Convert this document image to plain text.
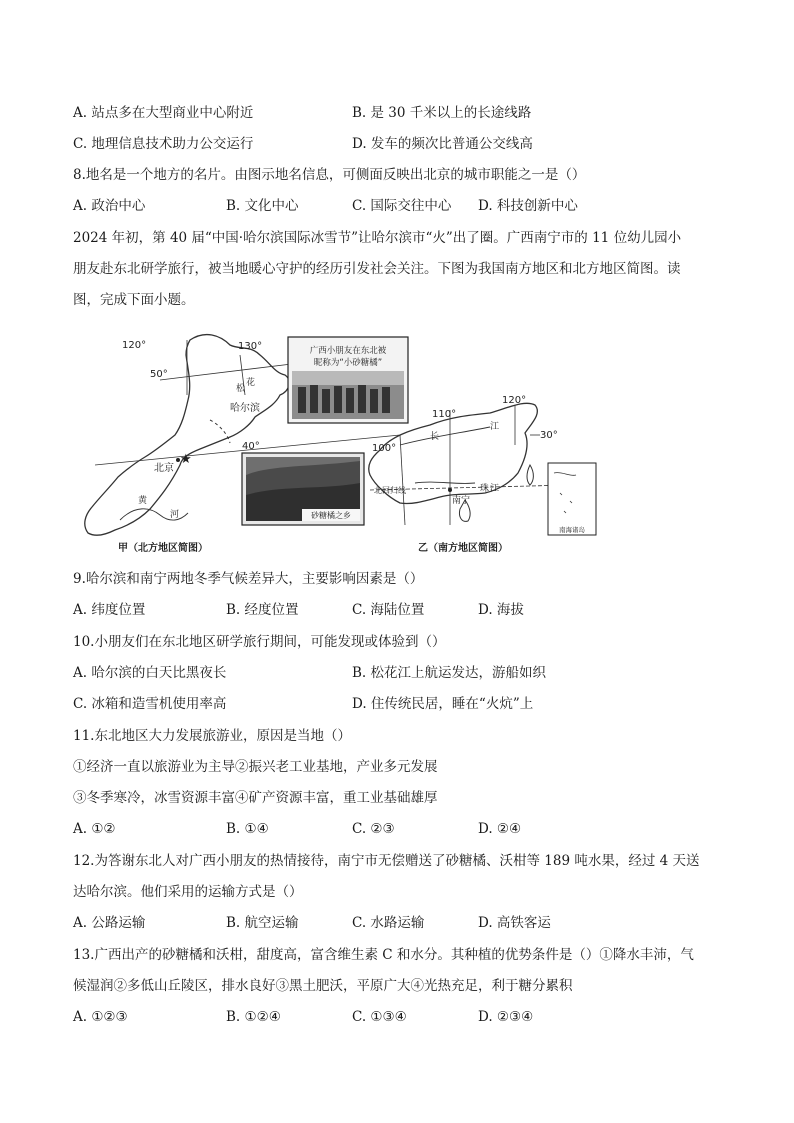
A. 站点多在大型商业中心附近	B. 是 30 千米以上的长途线路
C. 地理信息技术助力公交运行	D. 发车的频次比普通公交线高
8.地名是一个地方的名片。由图示地名信息，可侧面反映出北京的城市职能之一是（）
A. 政治中心	B. 文化中心	C. 国际交往中心 D. 科技创新中心
2024 年初，第 40 届“中国·哈尔滨国际冰雪节”让哈尔滨市“火”出了圈。广西南宁市的 11 位幼儿园小
朋友赴东北研学旅行，被当地暖心守护的经历引发社会关注。下图为我国南方地区和北方地区简图。读
图，完成下面小题。
★
120°	130°
50°
40°
哈尔滨
北京
松
花
黄
河
广西小朋友在东北被
昵称为“小砂糖橘”
砂糖橘之乡
110°
120°
30°
100°
南宁
北回归线	珠 江
长
江
南海诸岛
甲（北方地区简图）	乙（南方地区简图）
9.哈尔滨和南宁两地冬季气候差异大，主要影响因素是（）
A. 纬度位置	B. 经度位置	C. 海陆位置	D. 海拔
10.小朋友们在东北地区研学旅行期间，可能发现或体验到（）
A. 哈尔滨的白天比黑夜长	B. 松花江上航运发达，游船如织
C. 冰箱和造雪机使用率高	D. 住传统民居，睡在“火炕”上
11.东北地区大力发展旅游业，原因是当地（）
①经济一直以旅游业为主导②振兴老工业基地，产业多元发展
③冬季寒冷，冰雪资源丰富④矿产资源丰富，重工业基础雄厚
A. ①②	B. ①④	C. ②③	D. ②④
12.为答谢东北人对广西小朋友的热情接待，南宁市无偿赠送了砂糖橘、沃柑等 189 吨水果，经过 4 天送
达哈尔滨。他们采用的运输方式是（）
A. 公路运输	B. 航空运输	C. 水路运输	D. 高铁客运
13.广西出产的砂糖橘和沃柑，甜度高，富含维生素 C 和水分。其种植的优势条件是（）①降水丰沛，气
候湿润②多低山丘陵区，排水良好③黑土肥沃，平原广大④光热充足，利于糖分累积
A. ①②③	B. ①②④	C. ①③④	D. ②③④
